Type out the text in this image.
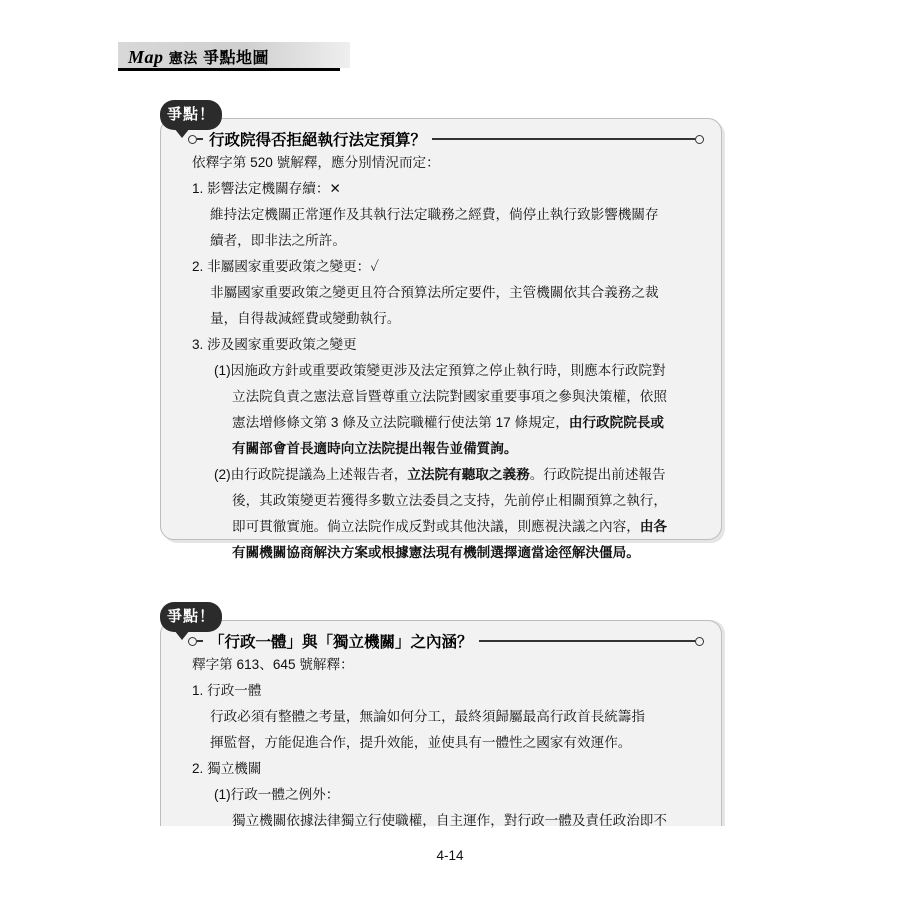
Map 憲法 爭點地圖
爭點！
行政院得否拒絕執行法定預算？
依釋字第 520 號解釋，應分別情況而定：
1. 影響法定機關存續：✕
維持法定機關正常運作及其執行法定職務之經費，倘停止執行致影響機關存
續者，即非法之所許。
2. 非屬國家重要政策之變更：✓
非屬國家重要政策之變更且符合預算法所定要件，主管機關依其合義務之裁
量，自得裁減經費或變動執行。
3. 涉及國家重要政策之變更
(1)因施政方針或重要政策變更涉及法定預算之停止執行時，則應本行政院對
立法院負責之憲法意旨暨尊重立法院對國家重要事項之參與決策權，依照
憲法增修條文第 3 條及立法院職權行使法第 17 條規定，由行政院院長或
有關部會首長適時向立法院提出報告並備質詢。
(2)由行政院提議為上述報告者，立法院有聽取之義務。行政院提出前述報告
後，其政策變更若獲得多數立法委員之支持，先前停止相關預算之執行，
即可貫徹實施。倘立法院作成反對或其他決議，則應視決議之內容，由各
有關機關協商解決方案或根據憲法現有機制選擇適當途徑解決僵局。
爭點！
「行政一體」與「獨立機關」之內涵？
釋字第 613、645 號解釋：
1. 行政一體
行政必須有整體之考量，無論如何分工，最終須歸屬最高行政首長統籌指
揮監督，方能促進合作，提升效能，並使具有一體性之國家有效運作。
2. 獨立機關
(1)行政一體之例外：
獨立機關依據法律獨立行使職權，自主運作，對行政一體及責任政治即不
4-14
